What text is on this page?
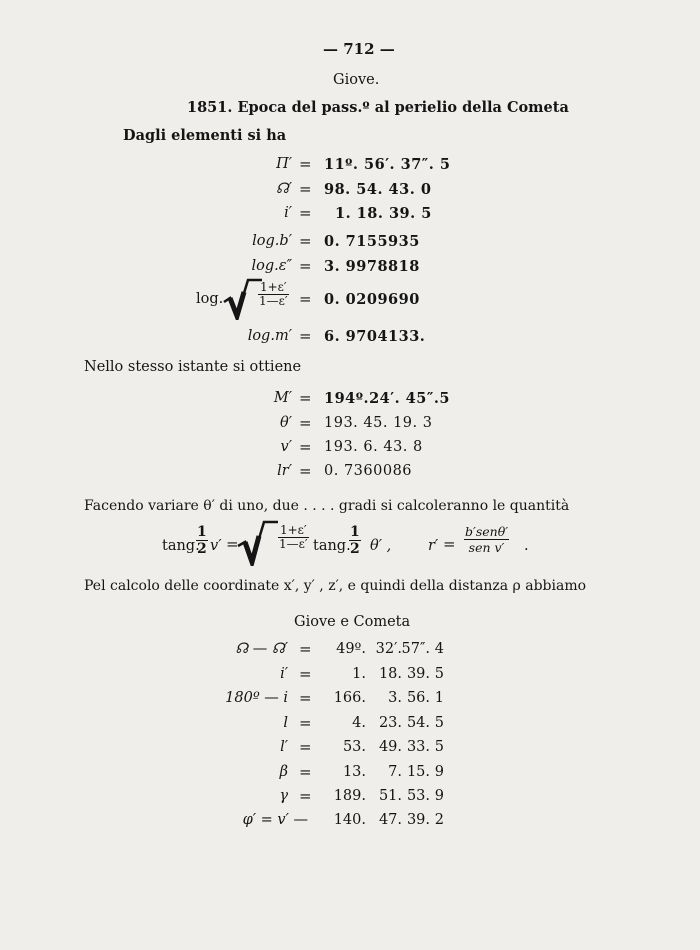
— 712 —
Giove.
1851. Epoca del pass.º al perielio della Cometa
Dagli elementi si ha
Π′ = 11º. 56′. 37″. 5
☊′ = 98. 54. 43. 0
i′ = 1. 18. 39. 5
log.b′ = 0. 7155935
log.ε″ = 3. 9978818
log.	$\frac{1+\varepsilon'}{1—\varepsilon'} = 0$. 0209690
log.m′ = 6. 9704133.
Nello stesso istante si ottiene
M′ = 194º.24′. 45″.5
θ′ = 193. 45. 19. 3
v′ = 193. 6. 43. 8
lr′ = 0. 7360086
Facendo variare θ′ di uno, due . . . . gradi si calcoleranno le quantità
tang.
$\frac{1}{2} v'$ =	$\frac{1+\varepsilon'}{1—\varepsilon'} \tan g$.
$\frac{1}{2} \theta'$ ,	r′ =
b′senθ′
sen v′	.
Pel calcolo delle coordinate x′, y′ , z′, e quindi della distanza ρ abbiamo
Giove e Cometa
☊ — ☊′ =	49º. 32′. 57″. 4
i′ =	1. 18. 39. 5
180º — i =	166.	3. 56. 1
l =	4. 23. 54. 5
l′ =	53. 49. 33. 5
β =	13.	7. 15. 9
γ =	189. 51. 53. 9
φ′ = v′ —	140. 47. 39. 2
